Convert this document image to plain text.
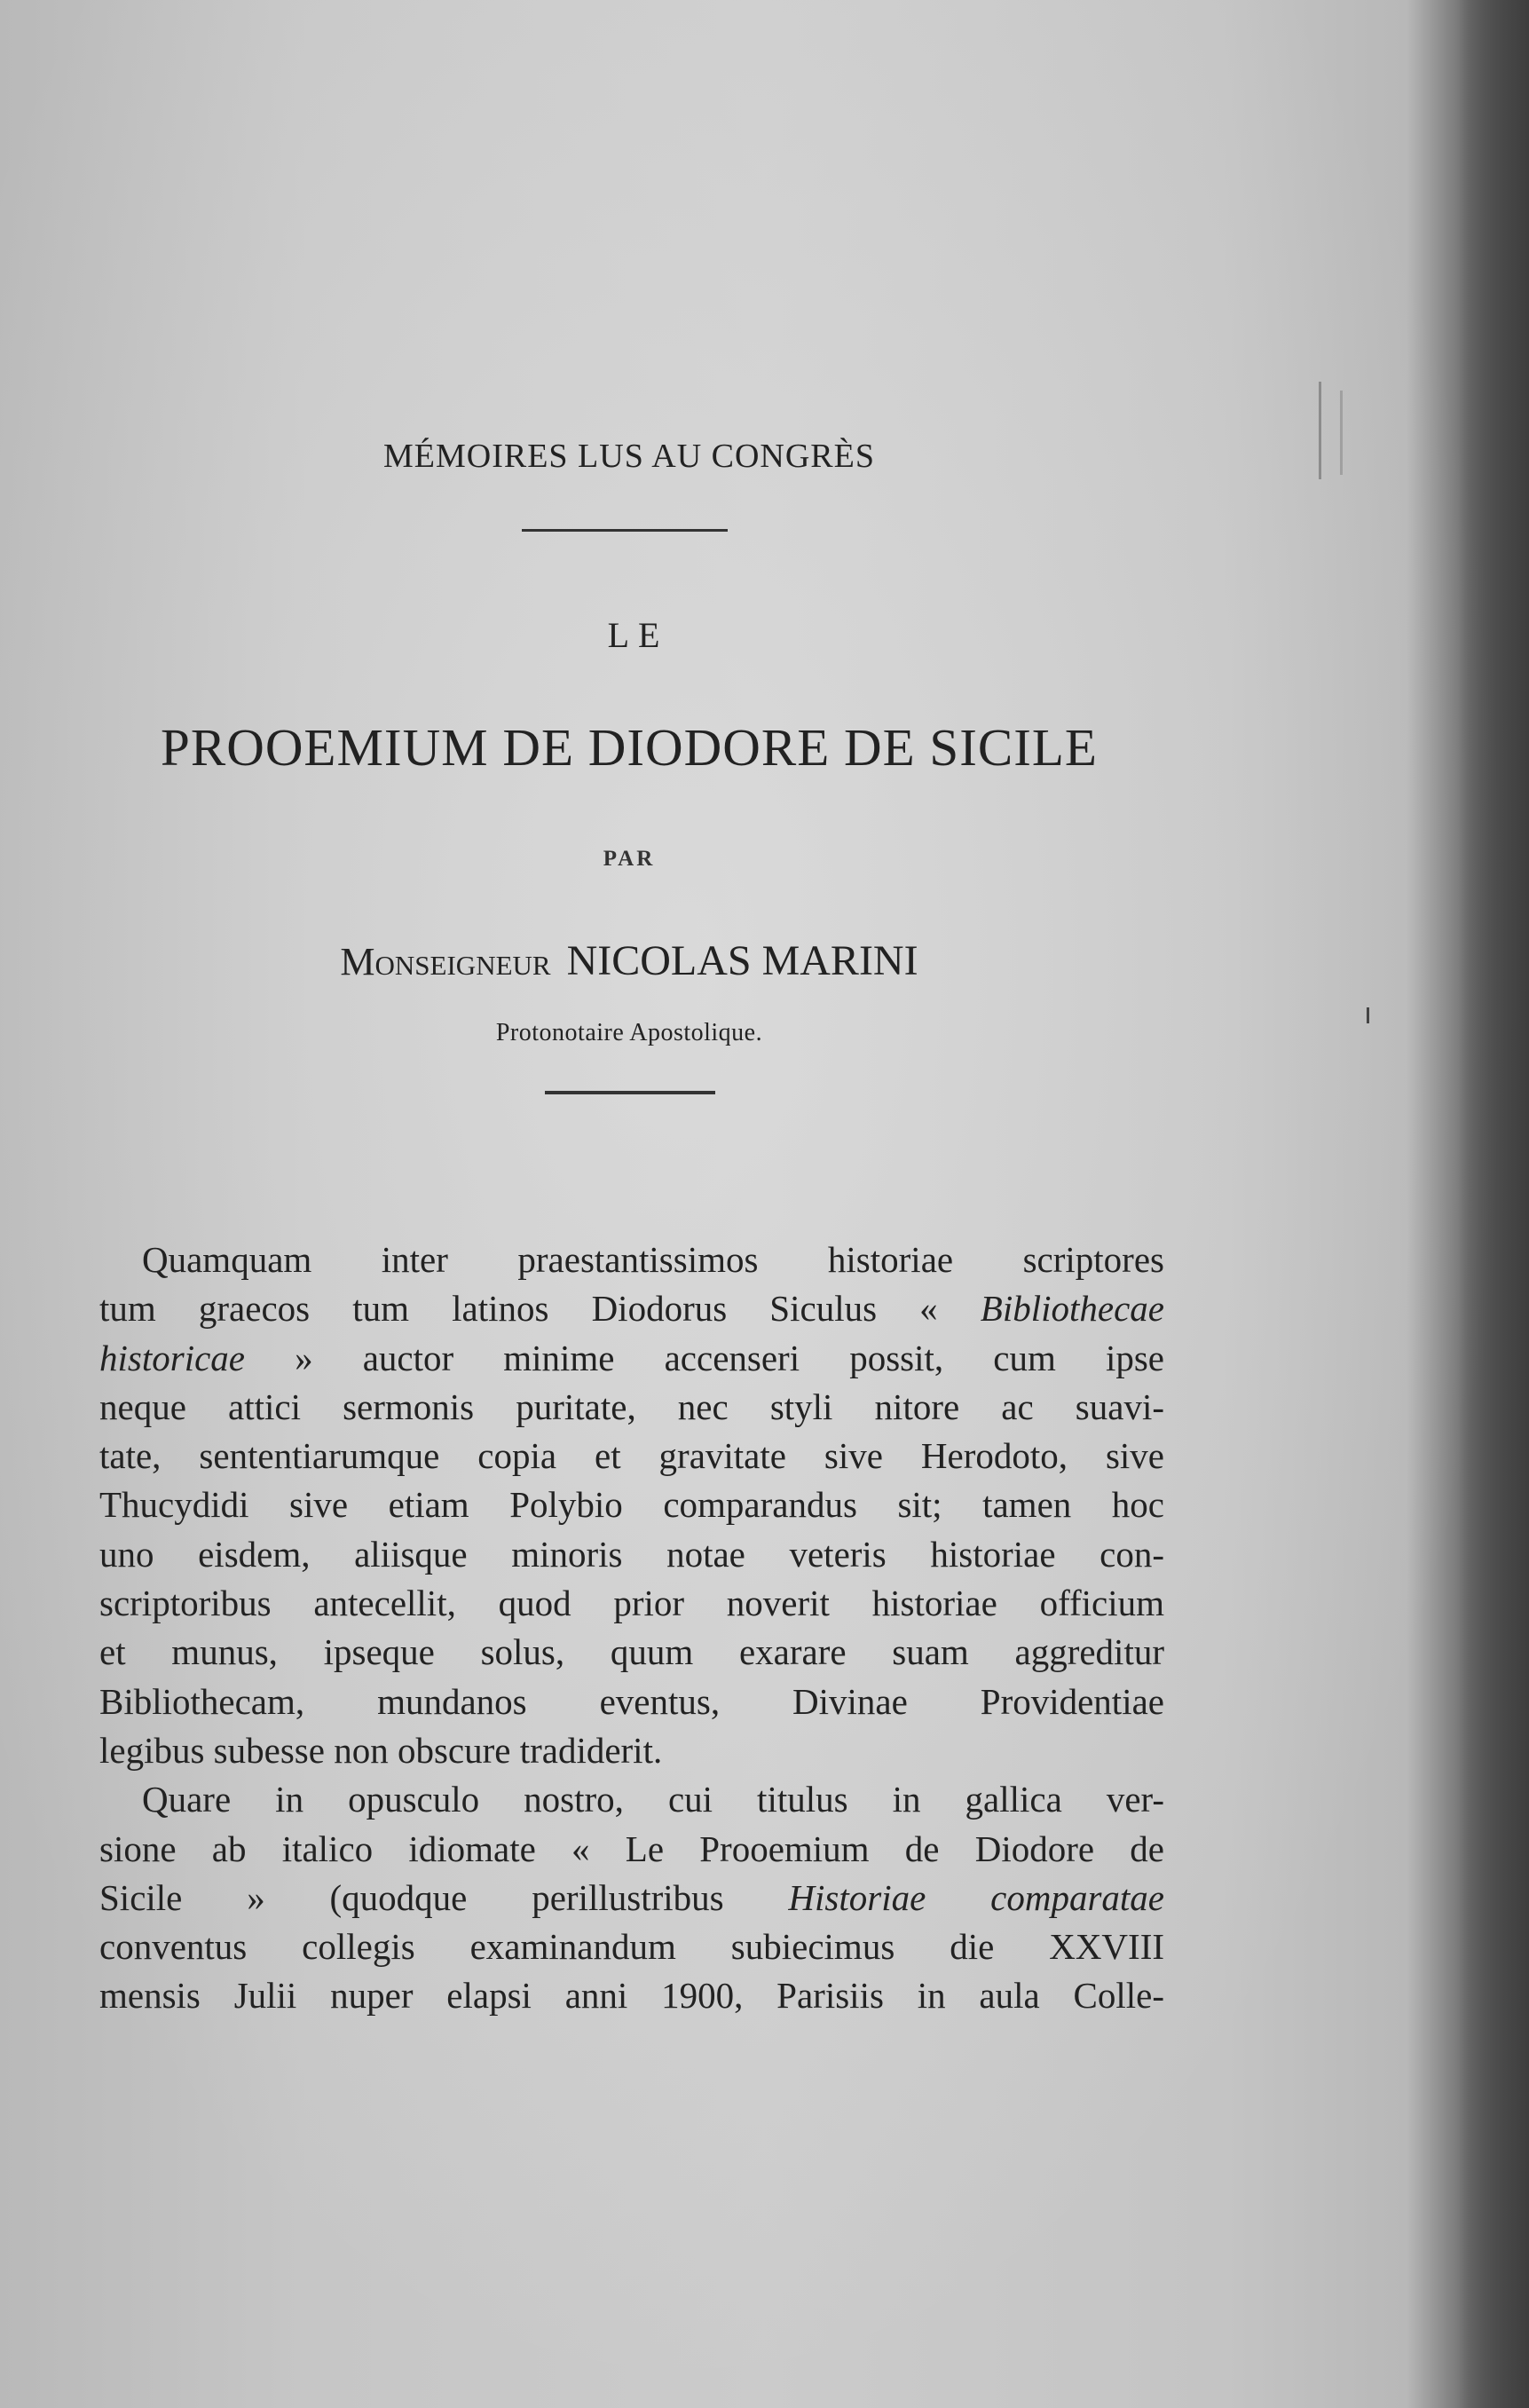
MÉMOIRES LUS AU CONGRÈS
LE
PROOEMIUM DE DIODORE DE SICILE
PAR
Monseigneur NICOLAS MARINI
Protonotaire Apostolique.
Quamquam inter praestantissimos historiae scriptores
tum graecos tum latinos Diodorus Siculus « Bibliothecae
historicae » auctor minime accenseri possit, cum ipse
neque attici sermonis puritate, nec styli nitore ac suavi-
tate, sententiarumque copia et gravitate sive Herodoto, sive
Thucydidi sive etiam Polybio comparandus sit; tamen hoc
uno eisdem, aliisque minoris notae veteris historiae con-
scriptoribus antecellit, quod prior noverit historiae officium
et munus, ipseque solus, quum exarare suam aggreditur
Bibliothecam, mundanos eventus, Divinae Providentiae
legibus subesse non obscure tradiderit.
Quare in opusculo nostro, cui titulus in gallica ver-
sione ab italico idiomate « Le Prooemium de Diodore de
Sicile » (quodque perillustribus Historiae comparatae
conventus collegis examinandum subiecimus die XXVIII
mensis Julii nuper elapsi anni 1900, Parisiis in aula Colle-
